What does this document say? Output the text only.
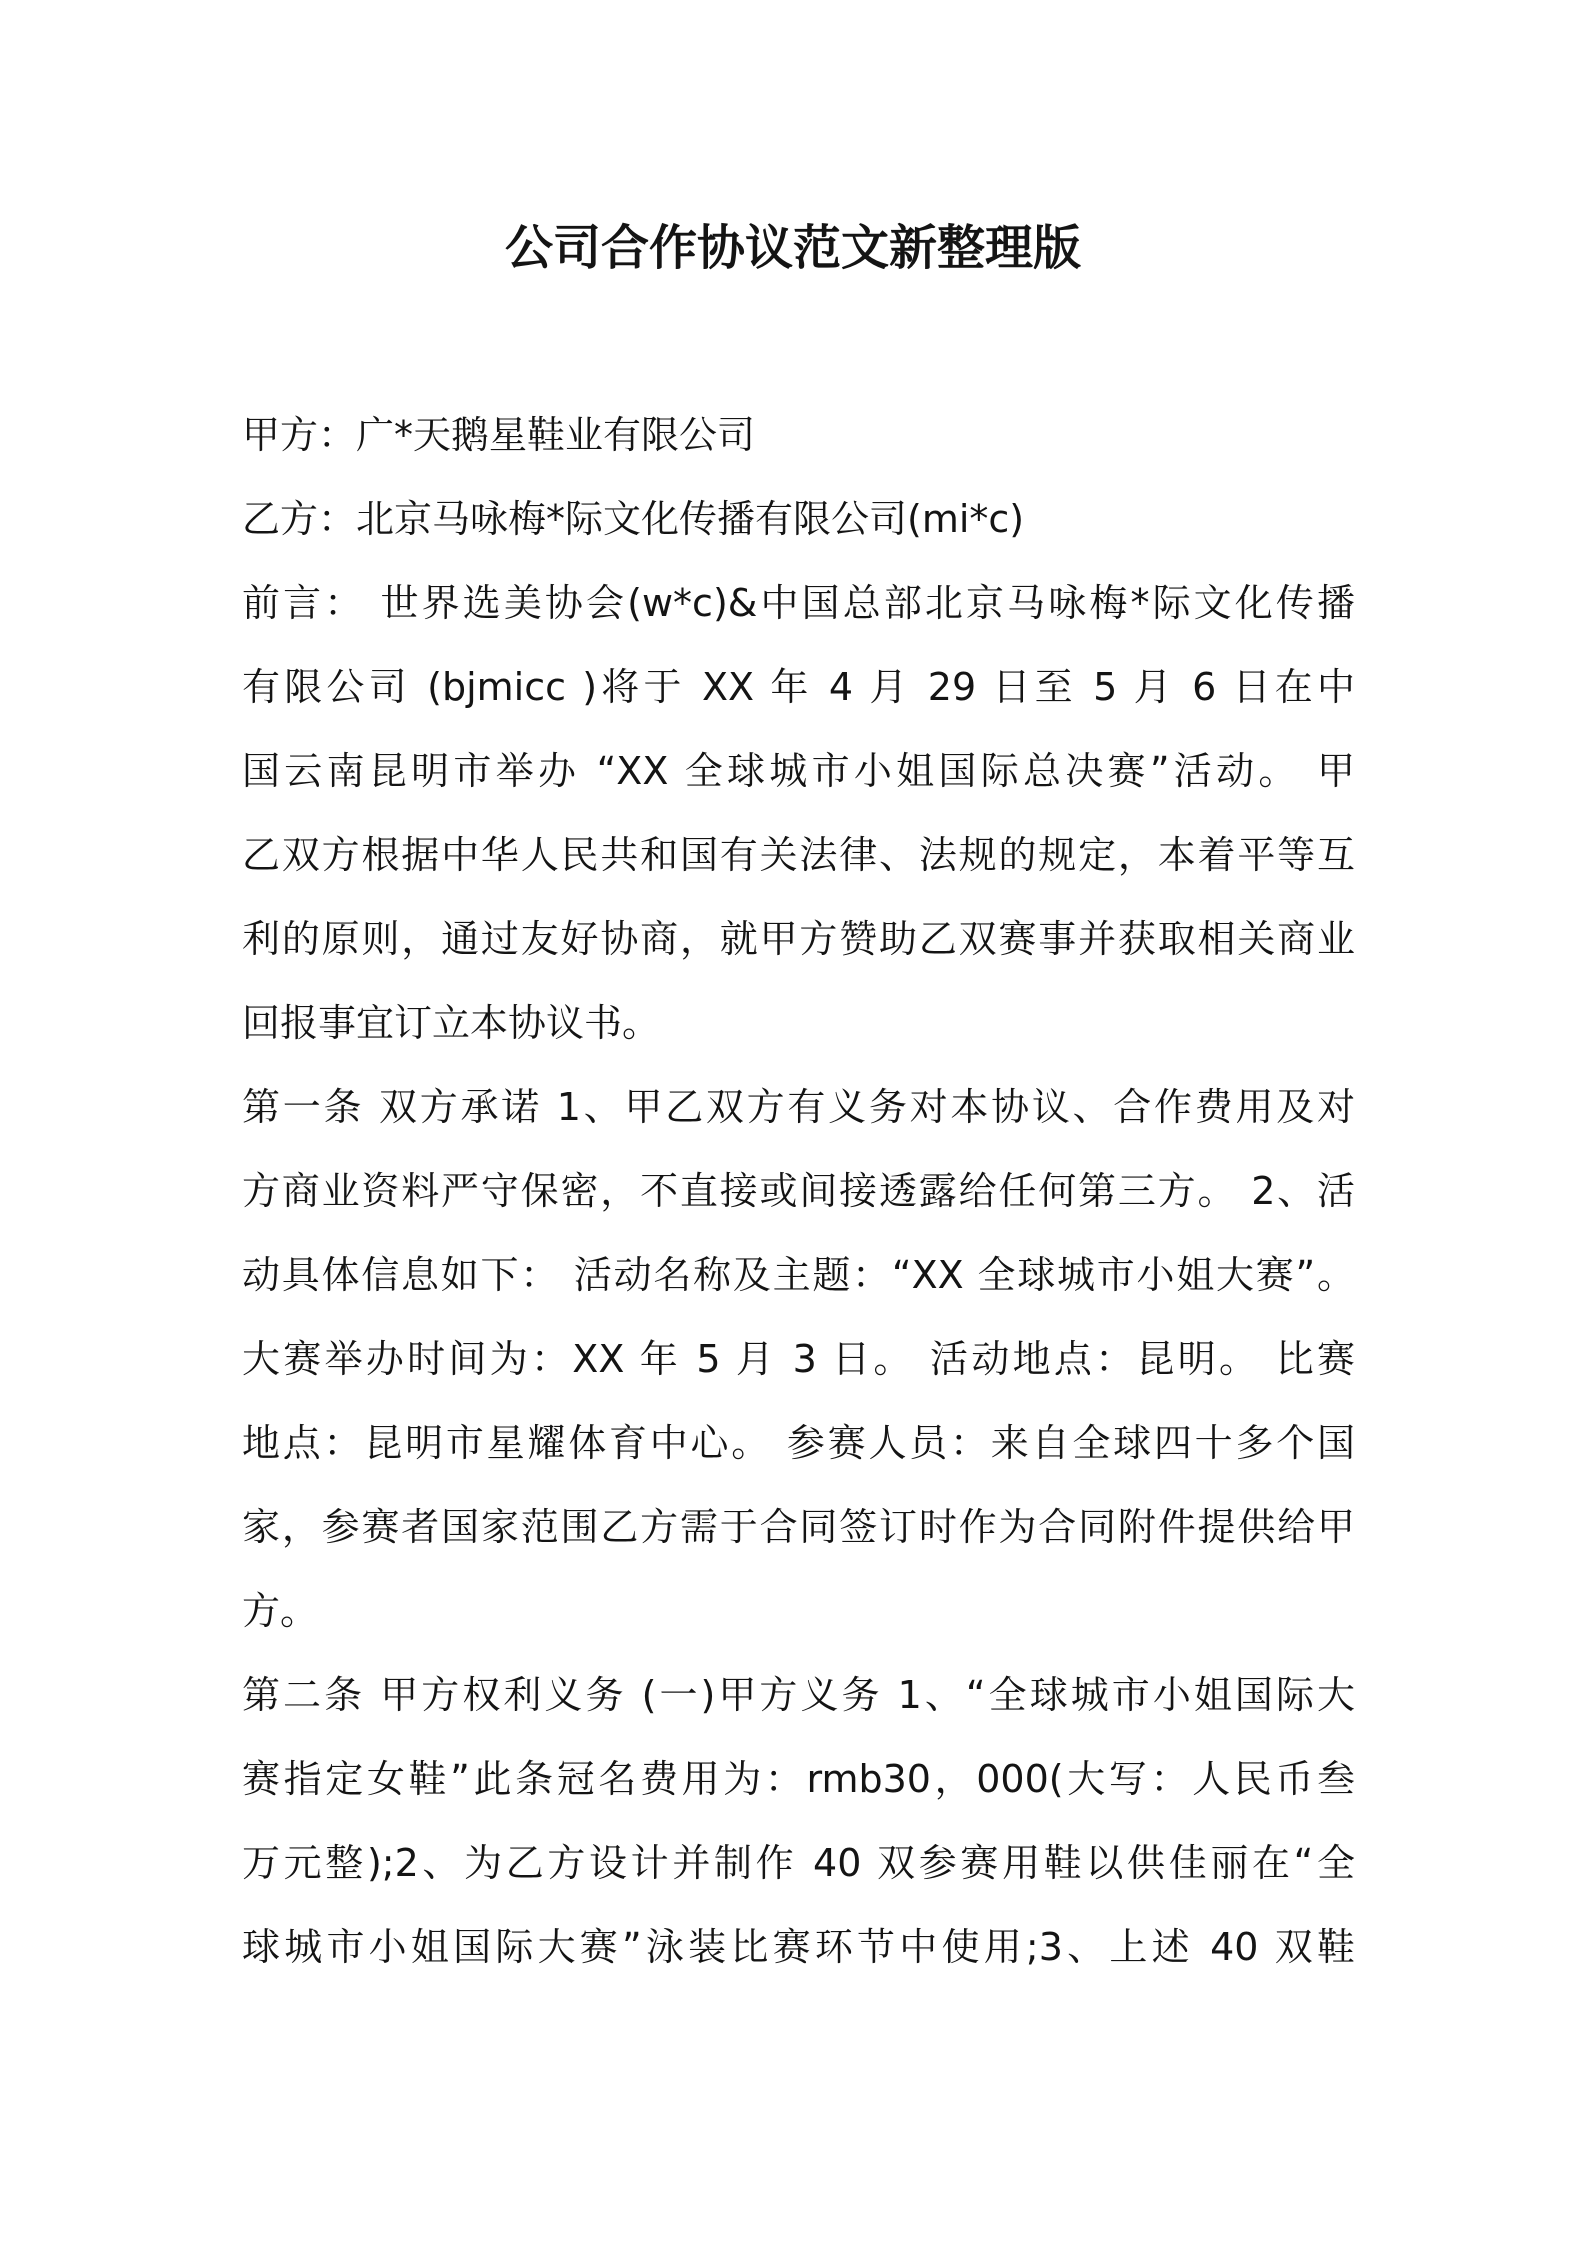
公司合作协议范文新整理版
甲方：广*天鹅星鞋业有限公司
乙方：北京马咏梅*际文化传播有限公司(mi*c)
前言： 世界选美协会(w*c)&中国总部北京马咏梅*际文化传播
有限公司 (bjmicc )将于 XX 年 4 月 29 日至 5 月 6 日在中
国云南昆明市举办 “XX 全球城市小姐国际总决赛”活动。 甲
乙双方根据中华人民共和国有关法律、法规的规定，本着平等互
利的原则，通过友好协商，就甲方赞助乙双赛事并获取相关商业
回报事宜订立本协议书。
第一条 双方承诺 1、甲乙双方有义务对本协议、合作费用及对
方商业资料严守保密，不直接或间接透露给任何第三方。 2、活
动具体信息如下： 活动名称及主题：“XX 全球城市小姐大赛”。
大赛举办时间为：XX 年 5 月 3 日。 活动地点：昆明。 比赛
地点：昆明市星耀体育中心。 参赛人员：来自全球四十多个国
家，参赛者国家范围乙方需于合同签订时作为合同附件提供给甲
方。
第二条 甲方权利义务 (一)甲方义务 1、“全球城市小姐国际大
赛指定女鞋”此条冠名费用为：rmb30，000(大写：人民币叁
万元整);2、为乙方设计并制作 40 双参赛用鞋以供佳丽在“全
球城市小姐国际大赛”泳装比赛环节中使用;3、上述 40 双鞋
